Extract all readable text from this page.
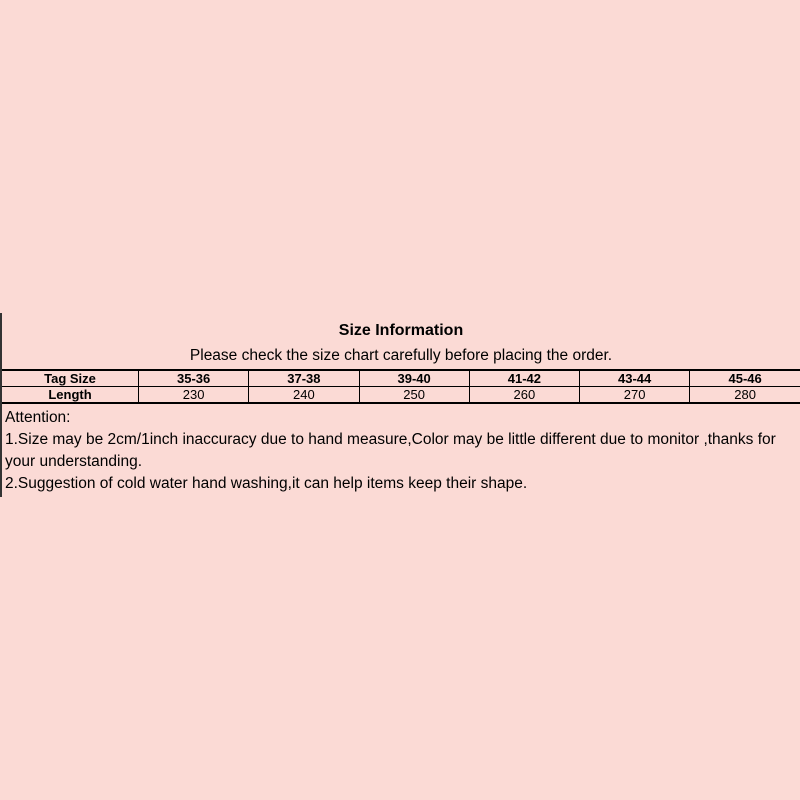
Size Information

Please check the size chart carefully before placing the order.

Tag Size	35-36	37-38	39-40	41-42	43-44	45-46
Length	230	240	250	260	270	280
Attention:
1.Size may be 2cm/1inch inaccuracy due to hand measure,Color may be little different due to monitor ,thanks for your understanding.
2.Suggestion of cold water hand washing,it can help items keep their shape.
